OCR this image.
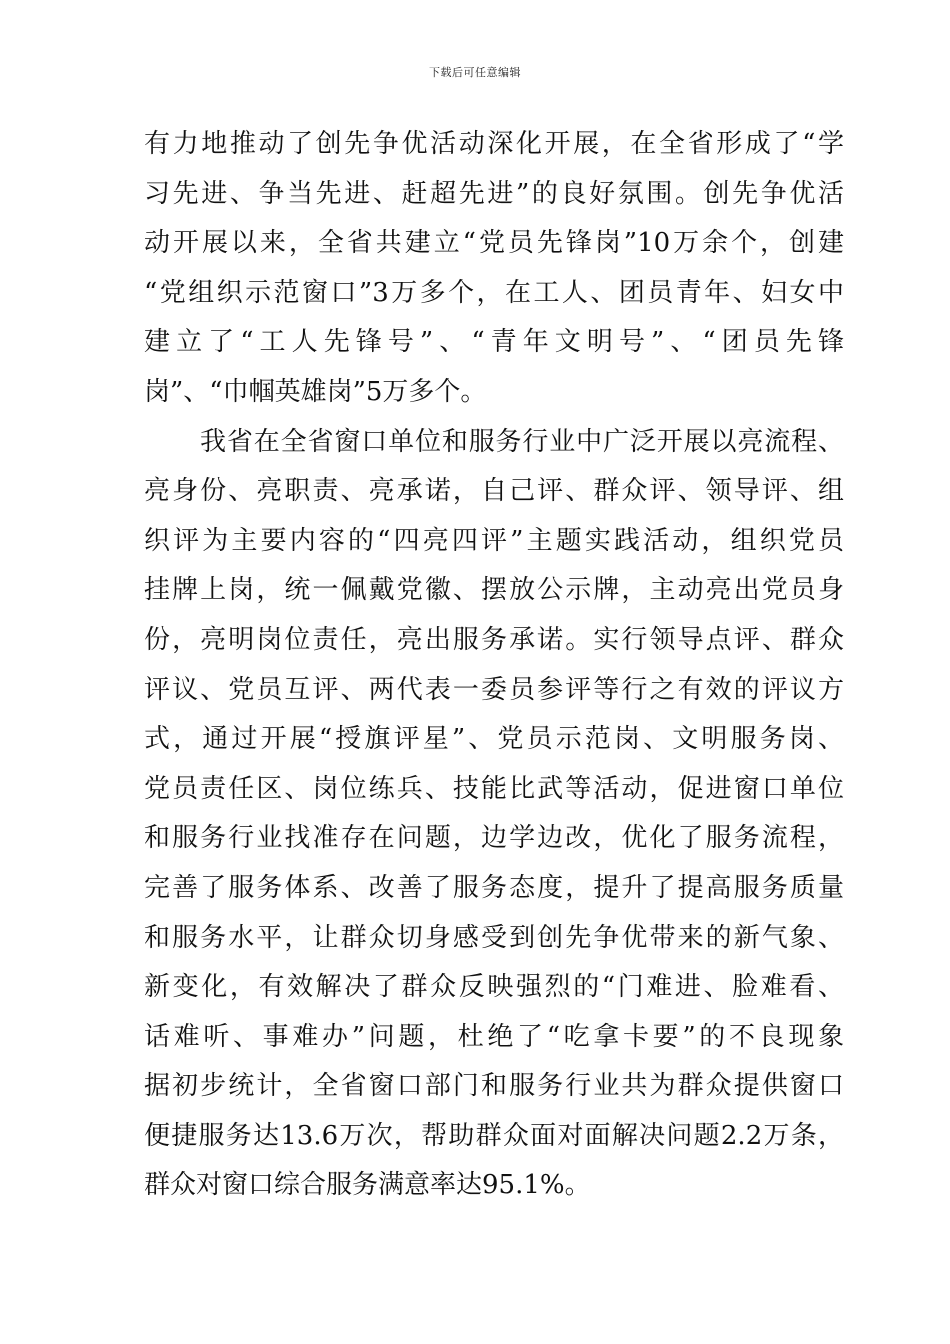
下载后可任意编辑
有力地推动了创先争优活动深化开展，在全省形成了“学
习先进、争当先进、赶超先进”的良好氛围。创先争优活
动开展以来，全省共建立“党员先锋岗”10万余个，创建
“党组织示范窗口”3万多个，在工人、团员青年、妇女中
建立了“工人先锋号”、“青年文明号”、“团员先锋
岗”、“巾帼英雄岗”5万多个。
我省在全省窗口单位和服务行业中广泛开展以亮流程、
亮身份、亮职责、亮承诺，自己评、群众评、领导评、组
织评为主要内容的“四亮四评”主题实践活动，组织党员
挂牌上岗，统一佩戴党徽、摆放公示牌，主动亮出党员身
份，亮明岗位责任，亮出服务承诺。实行领导点评、群众
评议、党员互评、两代表一委员参评等行之有效的评议方
式，通过开展“授旗评星”、党员示范岗、文明服务岗、
党员责任区、岗位练兵、技能比武等活动，促进窗口单位
和服务行业找准存在问题，边学边改，优化了服务流程，
完善了服务体系、改善了服务态度，提升了提高服务质量
和服务水平，让群众切身感受到创先争优带来的新气象、
新变化，有效解决了群众反映强烈的“门难进、脸难看、
话难听、事难办”问题，杜绝了“吃拿卡要”的不良现象
据初步统计，全省窗口部门和服务行业共为群众提供窗口
便捷服务达13.6万次，帮助群众面对面解决问题2.2万条，
群众对窗口综合服务满意率达95.1%。
